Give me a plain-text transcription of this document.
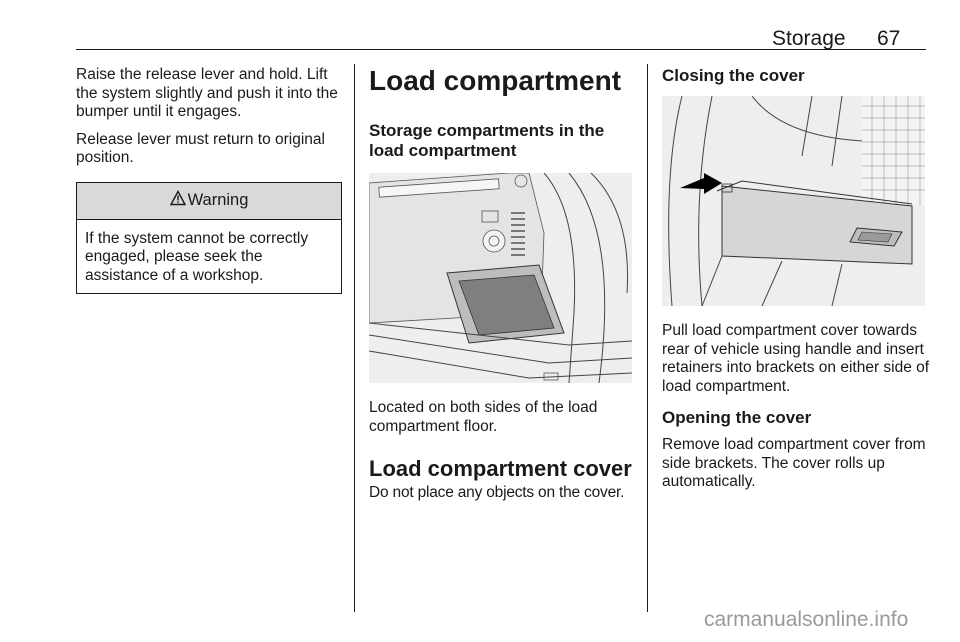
Storage 67

Raise the release lever and hold. Lift the system slightly and push it into the bumper until it engages.

Release lever must return to original position.

Warning

If the system cannot be correctly engaged, please seek the assistance of a workshop.

Load compartment
Storage compartments in the load compartment

Located on both sides of the load compartment floor.

Load compartment cover

Do not place any objects on the cover.

Closing the cover

Pull load compartment cover towards rear of vehicle using handle and insert retainers into brackets on either side of load compartment.

Opening the cover

Remove load compartment cover from side brackets. The cover rolls up automatically.

carmanualsonline.info
